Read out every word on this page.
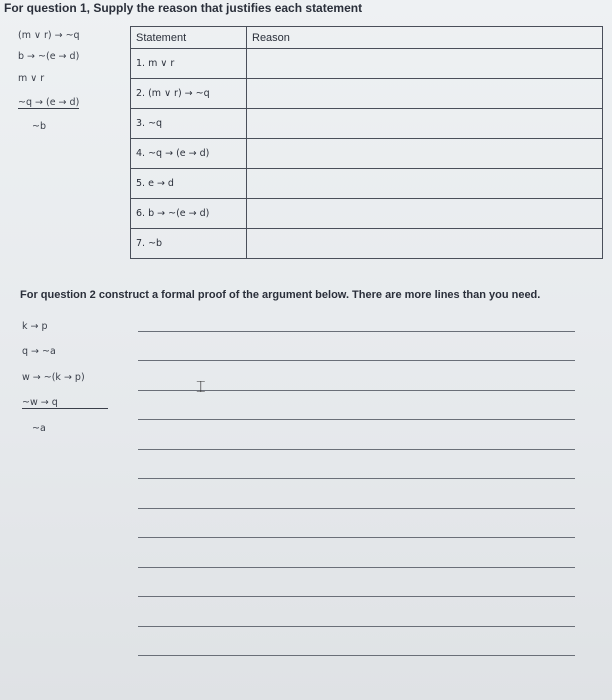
For question 1, Supply the reason that justifies each statement
(m ∨ r) → ~q
b → ~(e → d)
m ∨ r
~q → (e → d)
~b
Statement	Reason
1. m ∨ r	
2. (m ∨ r) → ~q	
3. ~q	
4. ~q → (e → d)	
5. e → d	
6. b → ~(e → d)	
7. ~b	
For question 2 construct a formal proof of the argument below. There are more lines than you need.
k → p
q → ~a
w → ~(k → p)
~w → q
~a
⌶
